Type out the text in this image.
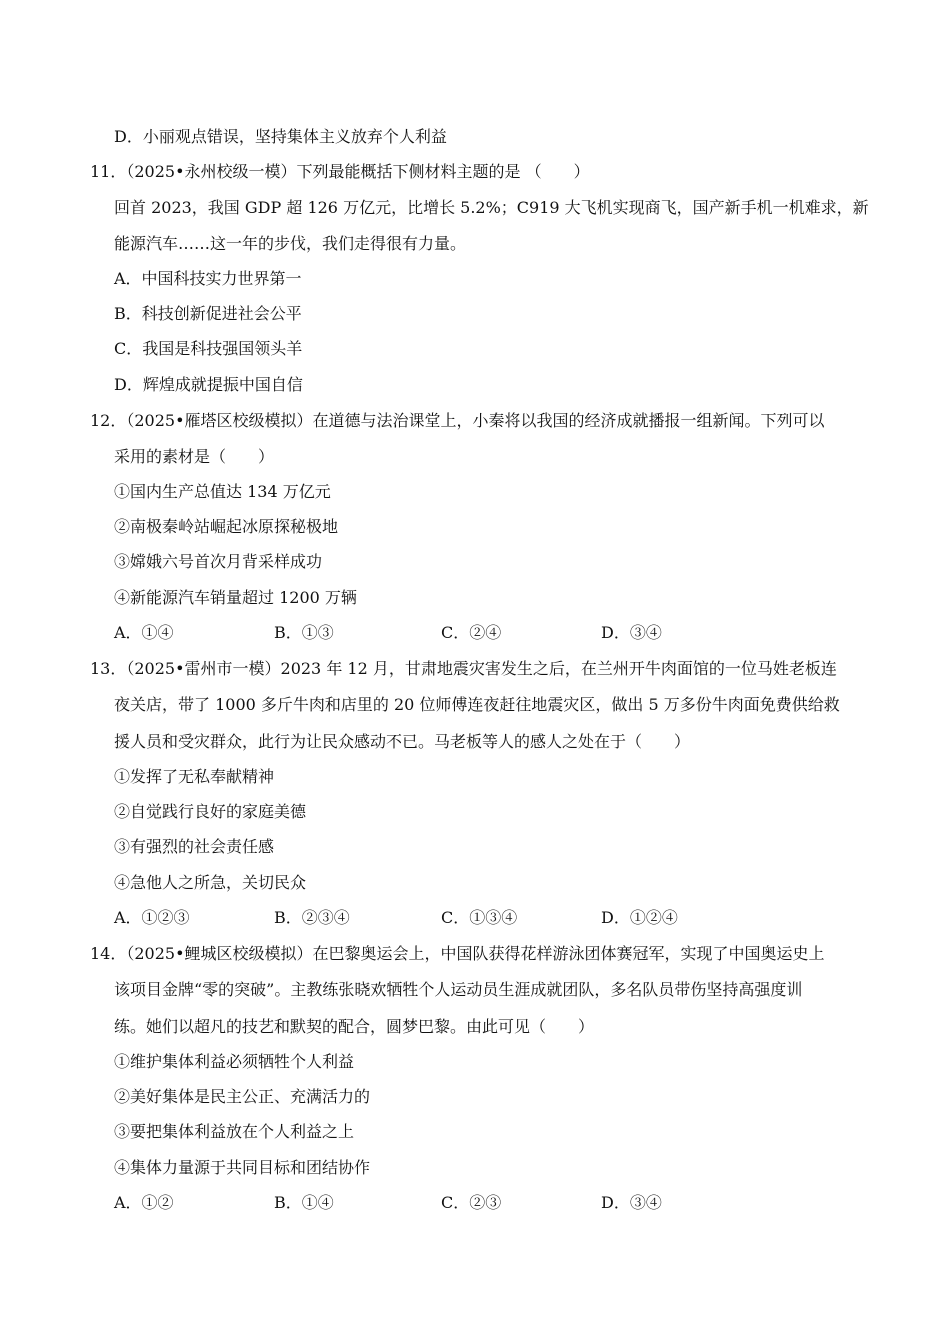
D．小丽观点错误，坚持集体主义放弃个人利益
11．（2025•永州校级一模）下列最能概括下侧材料主题的是 （　　）
回首 2023，我国 GDP 超 126 万亿元，比增长 5.2%；C919 大飞机实现商飞，国产新手机一机难求，新
能源汽车……这一年的步伐，我们走得很有力量。
A．中国科技实力世界第一
B．科技创新促进社会公平
C．我国是科技强国领头羊
D．辉煌成就提振中国自信
12．（2025•雁塔区校级模拟）在道德与法治课堂上，小秦将以我国的经济成就播报一组新闻。下列可以
采用的素材是（　　）
①国内生产总值达 134 万亿元
②南极秦岭站崛起冰原探秘极地
③嫦娥六号首次月背采样成功
④新能源汽车销量超过 1200 万辆
A．①④	B．①③	C．②④	D．③④
13．（2025•雷州市一模）2023 年 12 月，甘肃地震灾害发生之后，在兰州开牛肉面馆的一位马姓老板连
夜关店，带了 1000 多斤牛肉和店里的 20 位师傅连夜赶往地震灾区，做出 5 万多份牛肉面免费供给救
援人员和受灾群众，此行为让民众感动不已。马老板等人的感人之处在于（　　）
①发挥了无私奉献精神
②自觉践行良好的家庭美德
③有强烈的社会责任感
④急他人之所急，关切民众
A．①②③	B．②③④	C．①③④	D．①②④
14．（2025•鲤城区校级模拟）在巴黎奥运会上，中国队获得花样游泳团体赛冠军，实现了中国奥运史上
该项目金牌“零的突破”。主教练张晓欢牺牲个人运动员生涯成就团队，多名队员带伤坚持高强度训
练。她们以超凡的技艺和默契的配合，圆梦巴黎。由此可见（　　）
①维护集体利益必须牺牲个人利益
②美好集体是民主公正、充满活力的
③要把集体利益放在个人利益之上
④集体力量源于共同目标和团结协作
A．①②	B．①④	C．②③	D．③④
